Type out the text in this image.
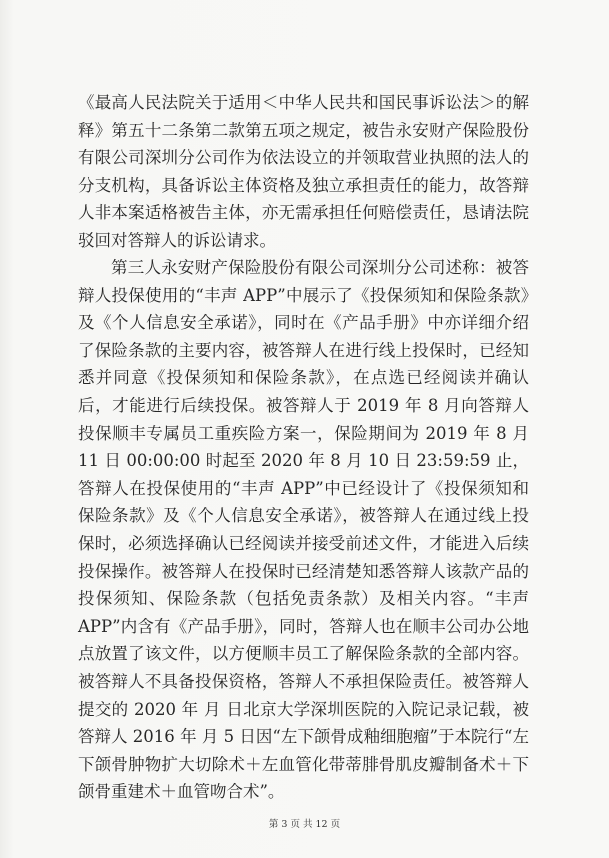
《最高人民法院关于适用＜中华人民共和国民事诉讼法＞的解释》第五十二条第二款第五项之规定，被告永安财产保险股份有限公司深圳分公司作为依法设立的并领取营业执照的法人的分支机构，具备诉讼主体资格及独立承担责任的能力，故答辩人非本案适格被告主体，亦无需承担任何赔偿责任，恳请法院驳回对答辩人的诉讼请求。

第三人永安财产保险股份有限公司深圳分公司述称：被答辩人投保使用的“丰声 APP”中展示了《投保须知和保险条款》及《个人信息安全承诺》，同时在《产品手册》中亦详细介绍了保险条款的主要内容，被答辩人在进行线上投保时，已经知悉并同意《投保须知和保险条款》，在点选已经阅读并确认后，才能进行后续投保。被答辩人于 2019 年 8 月向答辩人投保顺丰专属员工重疾险方案一，保险期间为 2019 年 8 月 11 日 00:00:00 时起至 2020 年 8 月 10 日 23:59:59 止，答辩人在投保使用的“丰声 APP”中已经设计了《投保须知和保险条款》及《个人信息安全承诺》，被答辩人在通过线上投保时，必须选择确认已经阅读并接受前述文件，才能进入后续投保操作。被答辩人在投保时已经清楚知悉答辩人该款产品的投保须知、保险条款（包括免责条款）及相关内容。“丰声 APP”内含有《产品手册》，同时，答辩人也在顺丰公司办公地点放置了该文件，以方便顺丰员工了解保险条款的全部内容。被答辩人不具备投保资格，答辩人不承担保险责任。被答辩人提交的 2020 年 月 日北京大学深圳医院的入院记录记载，被答辩人 2016 年 月 5 日因“左下颌骨成釉细胞瘤”于本院行“左下颌骨肿物扩大切除术＋左血管化带蒂腓骨肌皮瓣制备术＋下颌骨重建术＋血管吻合术”。

第 3 页 共 12 页
